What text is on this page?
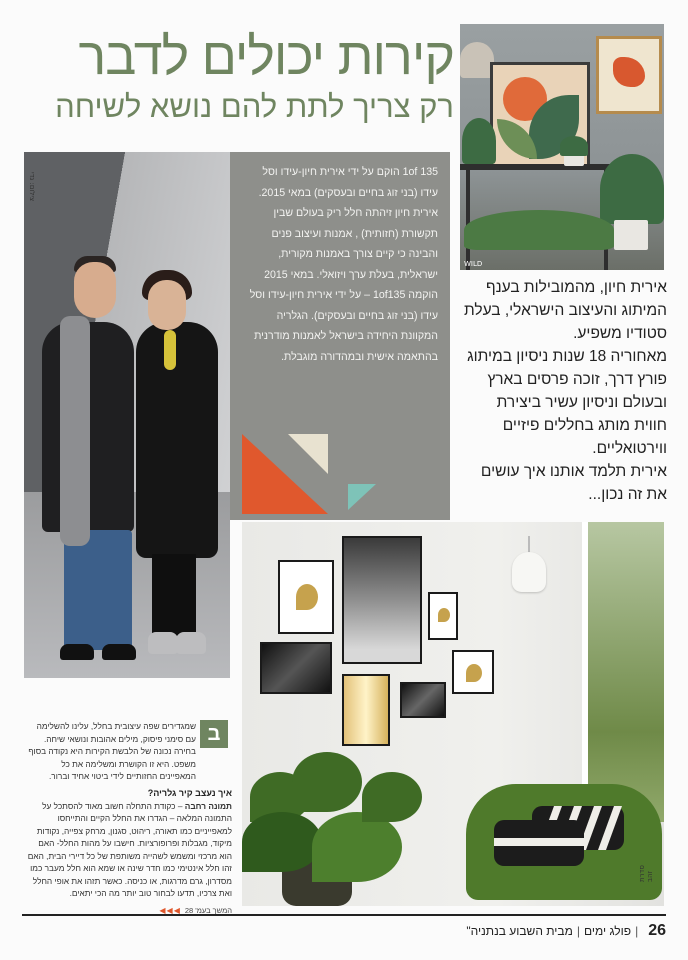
קירות יכולים לדבר
רק צריך לתת להם נושא לשיחה
WILD

אירית חיון, מהמובילות בענף

המיתוג והעיצוב הישראלי, בעלת

סטודיו משפיע.

מאחוריה 18 שנות ניסיון במיתוג

פורץ דרך, זוכה פרסים בארץ

ובעולם וניסיון עשיר ביצירת

חווית מותג בחללים פיזיים

ווירטואליים.

אירית תלמד אותנו איך עושים

את זה נכון...

צילום: גדי	135 1of הוקם על ידי אירית חיון-עידו וסל עידו (בני זוג בחיים ובעסקים) במאי 2015. אירית חיון זיהתה חלל ריק בעולם שבין תקשורת (חזותית) , אמנות ועיצוב פנים והבינה כי קיים צורך באמנות מקורית, ישראלית, בעלת ערך ויזואלי. במאי 2015 הוקמה 1of135 – על ידי אירית חיון-עידו וסל עידו (בני זוג בחיים ובעסקים). הגלריה המקוונת היחידה בישראל לאמנות מודרנית בהתאמה אישית ובמהדורה מוגבלת.

סדרת זהב
ב

שמגדירים שפה עיצובית בחלל, עלינו להשלימה

עם סימני פיסוק, מילים אהובות ונושאי שיחה. בחירה נכונה של הלבשת הקירות היא נקודה בסוף משפט. היא זו הקושרת ומשלימה את כל המאפיינים החזותיים לידי ביטוי אחיד וברור.

איך נעצב קיר גלריה?

תמונה רחבה – כקודת התחלה חשוב מאוד להסתכל על התמונה המלאה – הגדרו את החלל הקיים והתייחסו למאפייניים כמו תאורה, ריהוט, סגנון, מרחק צפייה, נקודות מיקוד, מגבלות ופרופורציות. חישבו על מהות החלל- האם הוא מרכזי ומשמש לשהייה משותפת של כל דיירי הבית, האם זהו חלל אינטימי כמו חדר שינה או שמא הוא חלל מעבר כמו מסדרון, גרם מדרגות, או כניסה. כאשר תזהו את אופי החלל ואת צרכיו, תדעו לבחור טוב יותר מה הכי יתאים.

המשך בעמ' 28◀◀◀

26|פולג ימים|מבית השבוע בנתניה"
